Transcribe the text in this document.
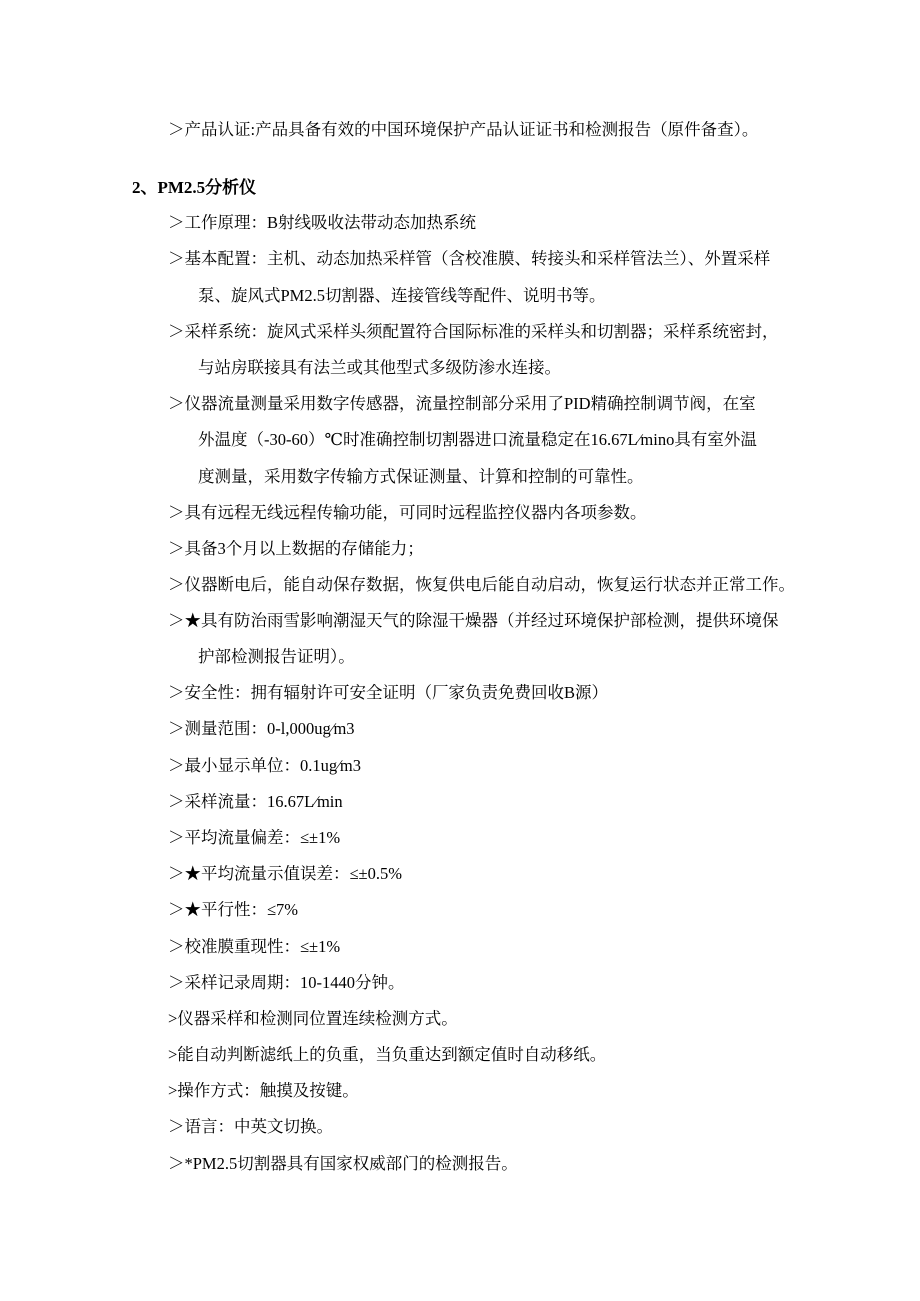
＞产品认证:产品具备有效的中国环境保护产品认证证书和检测报告（原件备查）。
2、PM2.5分析仪
＞工作原理：B射线吸收法带动态加热系统
＞基本配置：主机、动态加热采样管（含校准膜、转接头和采样管法兰）、外置采样
泵、旋风式PM2.5切割器、连接管线等配件、说明书等。
＞采样系统：旋风式采样头须配置符合国际标准的采样头和切割器；采样系统密封，
与站房联接具有法兰或其他型式多级防渗水连接。
＞仪器流量测量采用数字传感器，流量控制部分采用了PID精确控制调节阀，在室
外温度（-30-60）℃时准确控制切割器进口流量稳定在16.67L∕mino具有室外温
度测量，采用数字传输方式保证测量、计算和控制的可靠性。
＞具有远程无线远程传输功能，可同时远程监控仪器内各项参数。
＞具备3个月以上数据的存储能力；
＞仪器断电后，能自动保存数据，恢复供电后能自动启动，恢复运行状态并正常工作。
＞★具有防治雨雪影响潮湿天气的除湿干燥器（并经过环境保护部检测，提供环境保
护部检测报告证明）。
＞安全性：拥有辐射许可安全证明（厂家负责免费回收B源）
＞测量范围：0-l,000ug∕m3
＞最小显示单位：0.1ug∕m3
＞采样流量：16.67L∕min
＞平均流量偏差：≤±1%
＞★平均流量示值误差：≤±0.5%
＞★平行性：≤7%
＞校准膜重现性：≤±1%
＞采样记录周期：10-1440分钟。
>仪器采样和检测同位置连续检测方式。
>能自动判断滤纸上的负重，当负重达到额定值时自动移纸。
>操作方式：触摸及按键。
＞语言：中英文切换。
＞*PM2.5切割器具有国家权威部门的检测报告。
